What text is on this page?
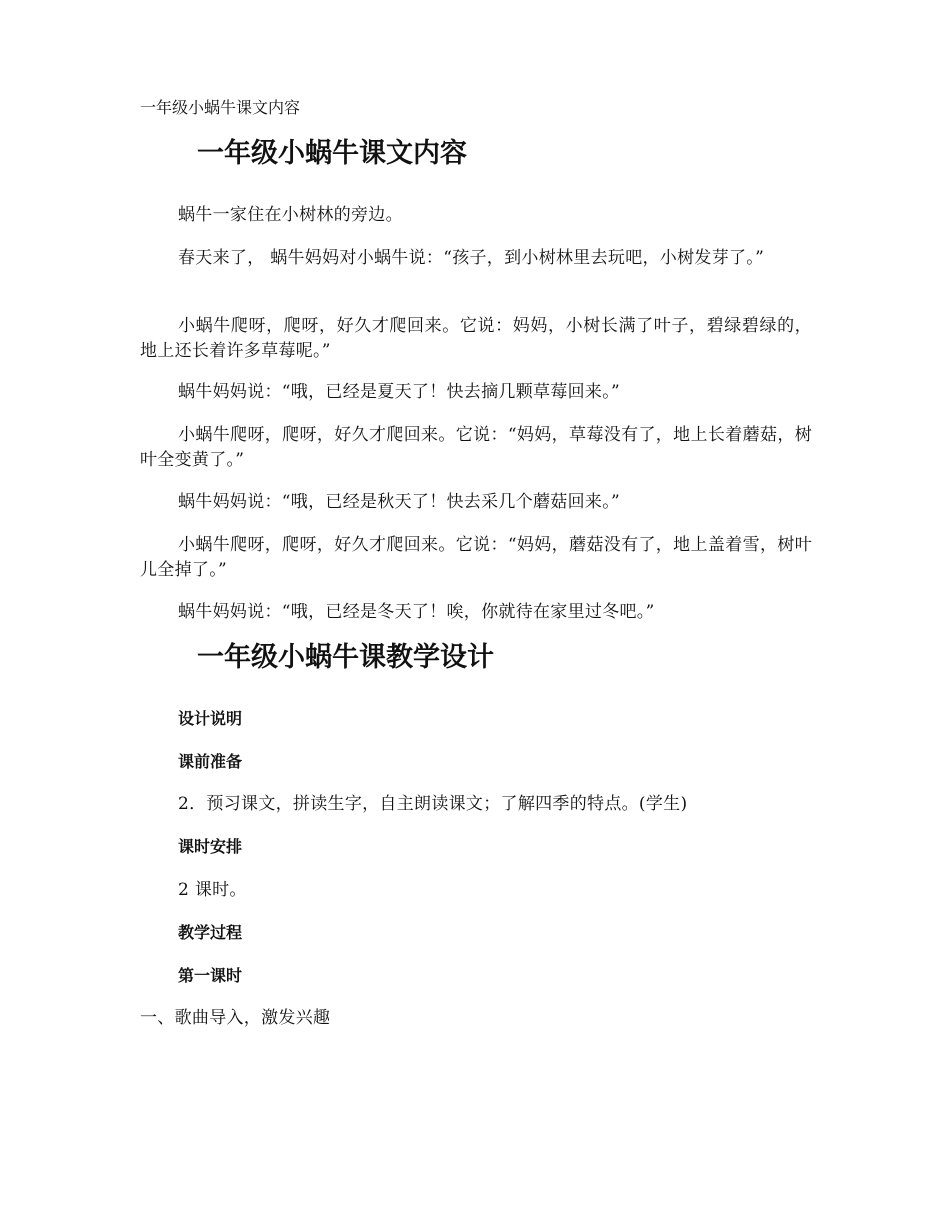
一年级小蜗牛课文内容
一年级小蜗牛课文内容

蜗牛一家住在小树林的旁边。

春天来了， 蜗牛妈妈对小蜗牛说：“孩子，到小树林里去玩吧，小树发芽了。”

小蜗牛爬呀，爬呀，好久才爬回来。它说：妈妈，小树长满了叶子，碧绿碧绿的，地上还长着许多草莓呢。”

蜗牛妈妈说：“哦，已经是夏天了！快去摘几颗草莓回来。”

小蜗牛爬呀，爬呀，好久才爬回来。它说：“妈妈，草莓没有了，地上长着蘑菇，树叶全变黄了。”

蜗牛妈妈说：“哦，已经是秋天了！快去采几个蘑菇回来。”

小蜗牛爬呀，爬呀，好久才爬回来。它说：“妈妈，蘑菇没有了，地上盖着雪，树叶儿全掉了。”

蜗牛妈妈说：“哦，已经是冬天了！唉，你就待在家里过冬吧。”

一年级小蜗牛课教学设计
设计说明
课前准备
2．预习课文，拼读生字，自主朗读课文；了解四季的特点。(学生)
课时安排
2 课时。
教学过程
第一课时
一、歌曲导入，激发兴趣
